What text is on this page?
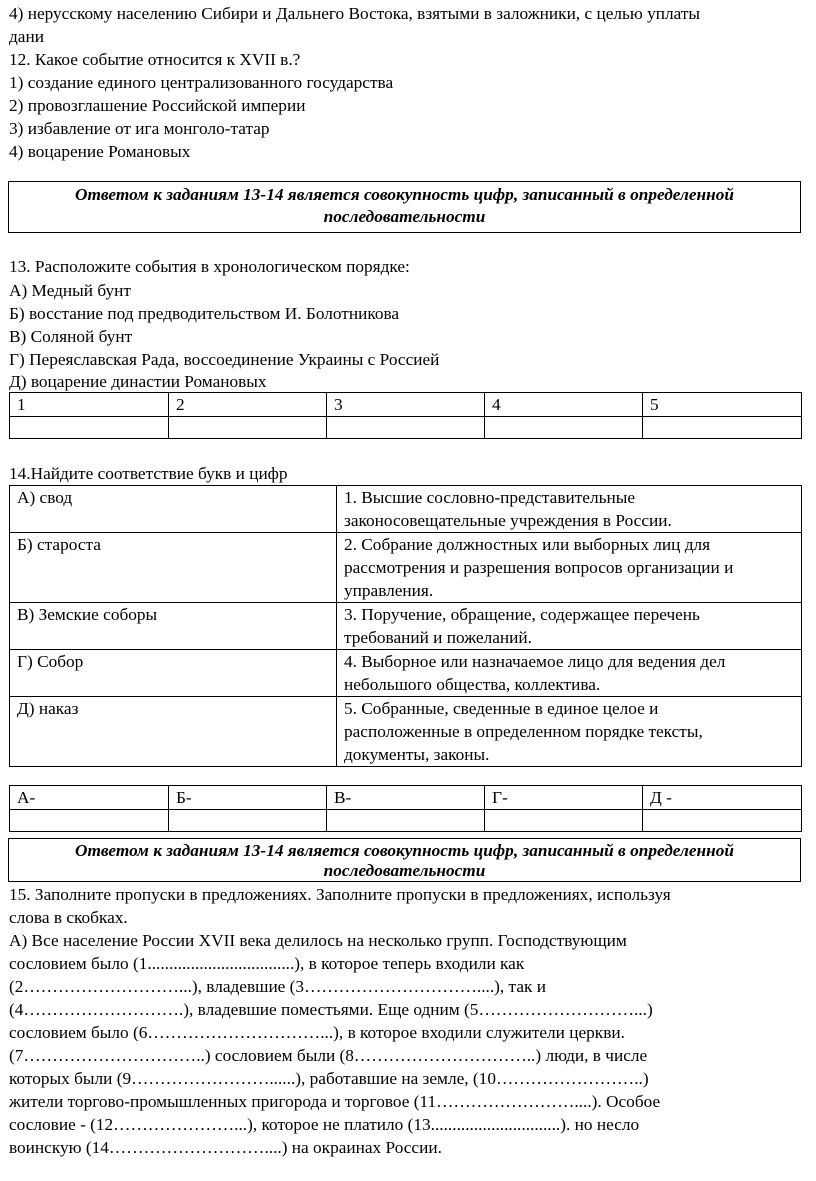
4) нерусскому населению Сибири и Дальнего Востока, взятыми в заложники, с целью уплаты
дани
12. Какое событие относится к XVII в.?
1) создание единого централизованного государства
2) провозглашение Российской империи
3) избавление от ига монголо-татар
4) воцарение Романовых
Ответом к заданиям 13-14 является совокупность цифр, записанный в определенной
последовательности
13. Расположите события в хронологическом порядке:
А) Медный бунт
Б) восстание под предводительством И. Болотникова
В) Соляной бунт
Г) Переяславская Рада, воссоединение Украины с Россией
Д) воцарение династии Романовых
1	2	3	4	5

14.Найдите соответствие букв и цифр
А) свод	1. Высшие сословно-представительные
законосовещательные учреждения в России.

Б) староста	2. Собрание должностных или выборных лиц для
рассмотрения и разрешения вопросов организации и
управления.

В) Земские соборы	3. Поручение, обращение, содержащее перечень
требований и пожеланий.

Г) Собор	4. Выборное или назначаемое лицо для ведения дел
небольшого общества, коллектива.

Д) наказ	5. Собранные, сведенные в единое целое и
расположенные в определенном порядке тексты,
документы, законы.
А-	Б-	В-	Г-	Д -

Ответом к заданиям 13-14 является совокупность цифр, записанный в определенной
последовательности
15. Заполните пропуски в предложениях. Заполните пропуски в предложениях, используя
слова в скобках.
А) Все население России XVII века делилось на несколько групп. Господствующим
сословием было (1..................................), в которое теперь входили как
(2………………………...), владевшие (3…………………………....), так и
(4……………………….), владевшие поместьями. Еще одним (5………………………...)
сословием было (6…………………………...), в которое входили служители церкви.
(7…………………………..) сословием были (8…………………………..) люди, в числе
которых были (9……………………......), работавшие на земле, (10……………………..)
жители торгово-промышленных пригорода и торговое (11……………………....). Особое
сословие - (12…………………...), которое не платило (13..............................). но несло
воинскую (14………………………....) на окраинах России.
